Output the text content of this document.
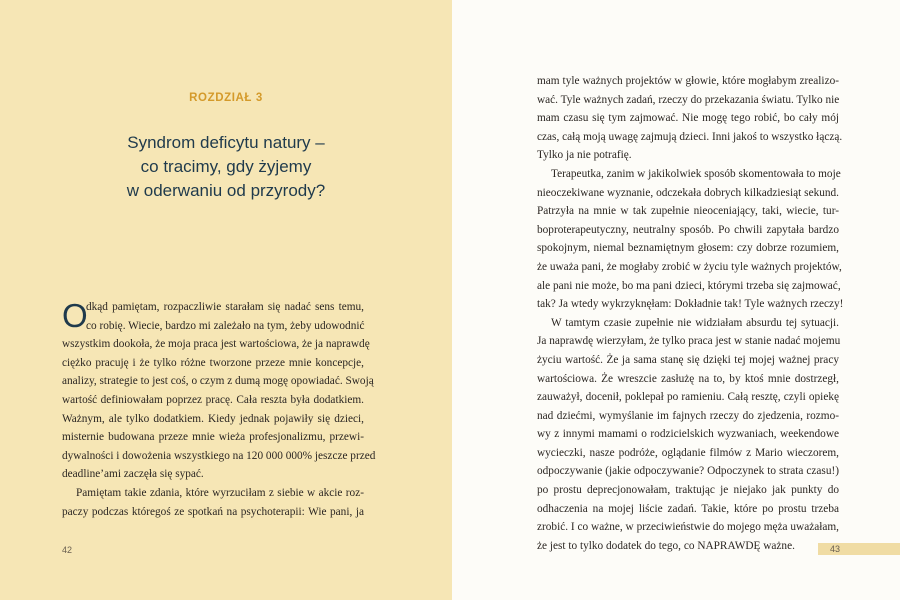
ROZDZIAŁ 3
Syndrom deficytu natury –
co tracimy, gdy żyjemy
w oderwaniu od przyrody?
O
dkąd pamiętam, rozpaczliwie starałam się nadać sens temu,
co robię. Wiecie, bardzo mi zależało na tym, żeby udowodnić
wszystkim dookoła, że moja praca jest wartościowa, że ja naprawdę
ciężko pracuję i że tylko różne tworzone przeze mnie koncepcje,
analizy, strategie to jest coś, o czym z dumą mogę opowiadać. Swoją
wartość definiowałam poprzez pracę. Cała reszta była dodatkiem.
Ważnym, ale tylko dodatkiem. Kiedy jednak pojawiły się dzieci,
misternie budowana przeze mnie wieża profesjonalizmu, przewi-
dywalności i dowożenia wszystkiego na 120 000 000% jeszcze przed
deadline’ami zaczęła się sypać.
Pamiętam takie zdania, które wyrzuciłam z siebie w akcie roz-
paczy podczas któregoś ze spotkań na psychoterapii: Wie pani, ja
42
mam tyle ważnych projektów w głowie, które mogłabym zrealizo-
wać. Tyle ważnych zadań, rzeczy do przekazania światu. Tylko nie
mam czasu się tym zajmować. Nie mogę tego robić, bo cały mój
czas, całą moją uwagę zajmują dzieci. Inni jakoś to wszystko łączą.
Tylko ja nie potrafię.
Terapeutka, zanim w jakikolwiek sposób skomentowała to moje
nieoczekiwane wyznanie, odczekała dobrych kilkadziesiąt sekund.
Patrzyła na mnie w tak zupełnie nieoceniający, taki, wiecie, tur-
boproterapeutyczny, neutralny sposób. Po chwili zapytała bardzo
spokojnym, niemal beznamiętnym głosem: czy dobrze rozumiem,
że uważa pani, że mogłaby zrobić w życiu tyle ważnych projektów,
ale pani nie może, bo ma pani dzieci, którymi trzeba się zajmować,
tak? Ja wtedy wykrzyknęłam: Dokładnie tak! Tyle ważnych rzeczy!
W tamtym czasie zupełnie nie widziałam absurdu tej sytuacji.
Ja naprawdę wierzyłam, że tylko praca jest w stanie nadać mojemu
życiu wartość. Że ja sama stanę się dzięki tej mojej ważnej pracy
wartościowa. Że wreszcie zasłużę na to, by ktoś mnie dostrzegł,
zauważył, docenił, poklepał po ramieniu. Całą resztę, czyli opiekę
nad dziećmi, wymyślanie im fajnych rzeczy do zjedzenia, rozmo-
wy z innymi mamami o rodzicielskich wyzwaniach, weekendowe
wycieczki, nasze podróże, oglądanie filmów z Mario wieczorem,
odpoczywanie (jakie odpoczywanie? Odpoczynek to strata czasu!)
po prostu deprecjonowałam, traktując je niejako jak punkty do
odhaczenia na mojej liście zadań. Takie, które po prostu trzeba
zrobić. I co ważne, w przeciwieństwie do mojego męża uważałam,
że jest to tylko dodatek do tego, co NAPRAWDĘ ważne.	43
